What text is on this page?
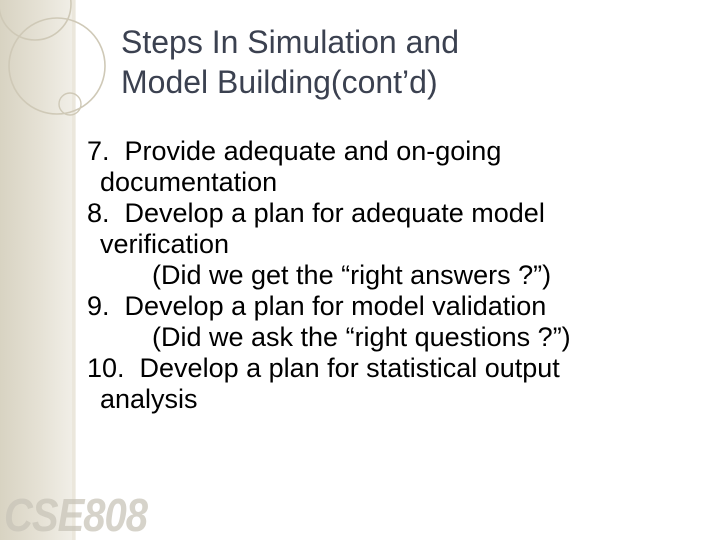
Steps In Simulation and
Model Building(cont’d)
7.  Provide adequate and on-going
documentation
8.  Develop a plan for adequate model
verification
(Did we get the “right answers ?”)
9.  Develop a plan for model validation
(Did we ask the “right questions ?”)
10.  Develop a plan for statistical output
analysis
CSE808
